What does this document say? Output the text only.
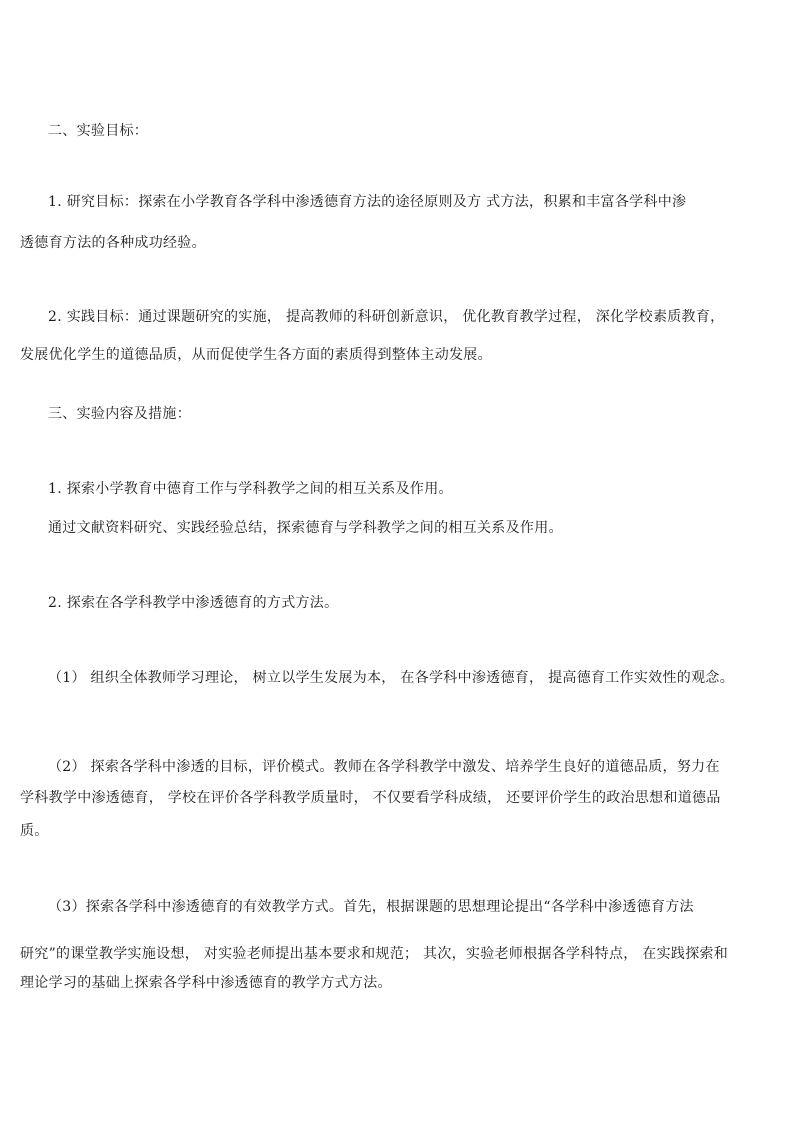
二、实验目标：
1. 研究目标：探索在小学教育各学科中渗透德育方法的途径原则及方 式方法，积累和丰富各学科中渗
透德育方法的各种成功经验。
2. 实践目标：通过课题研究的实施， 提高教师的科研创新意识， 优化教育教学过程， 深化学校素质教育，
发展优化学生的道德品质，从而促使学生各方面的素质得到整体主动发展。
三、实验内容及措施：
1. 探索小学教育中德育工作与学科教学之间的相互关系及作用。
通过文献资料研究、实践经验总结，探索德育与学科教学之间的相互关系及作用。
2. 探索在各学科教学中渗透德育的方式方法。
（1） 组织全体教师学习理论， 树立以学生发展为本， 在各学科中渗透德育， 提高德育工作实效性的观念。
（2） 探索各学科中渗透的目标，评价模式。教师在各学科教学中激发、培养学生良好的道德品质，努力在
学科教学中渗透德育， 学校在评价各学科教学质量时， 不仅要看学科成绩， 还要评价学生的政治思想和道德品
质。
（3）探索各学科中渗透德育的有效教学方式。首先，根据课题的思想理论提出“各学科中渗透德育方法
研究”的课堂教学实施设想， 对实验老师提出基本要求和规范； 其次，实验老师根据各学科特点， 在实践探索和
理论学习的基础上探索各学科中渗透德育的教学方式方法。
